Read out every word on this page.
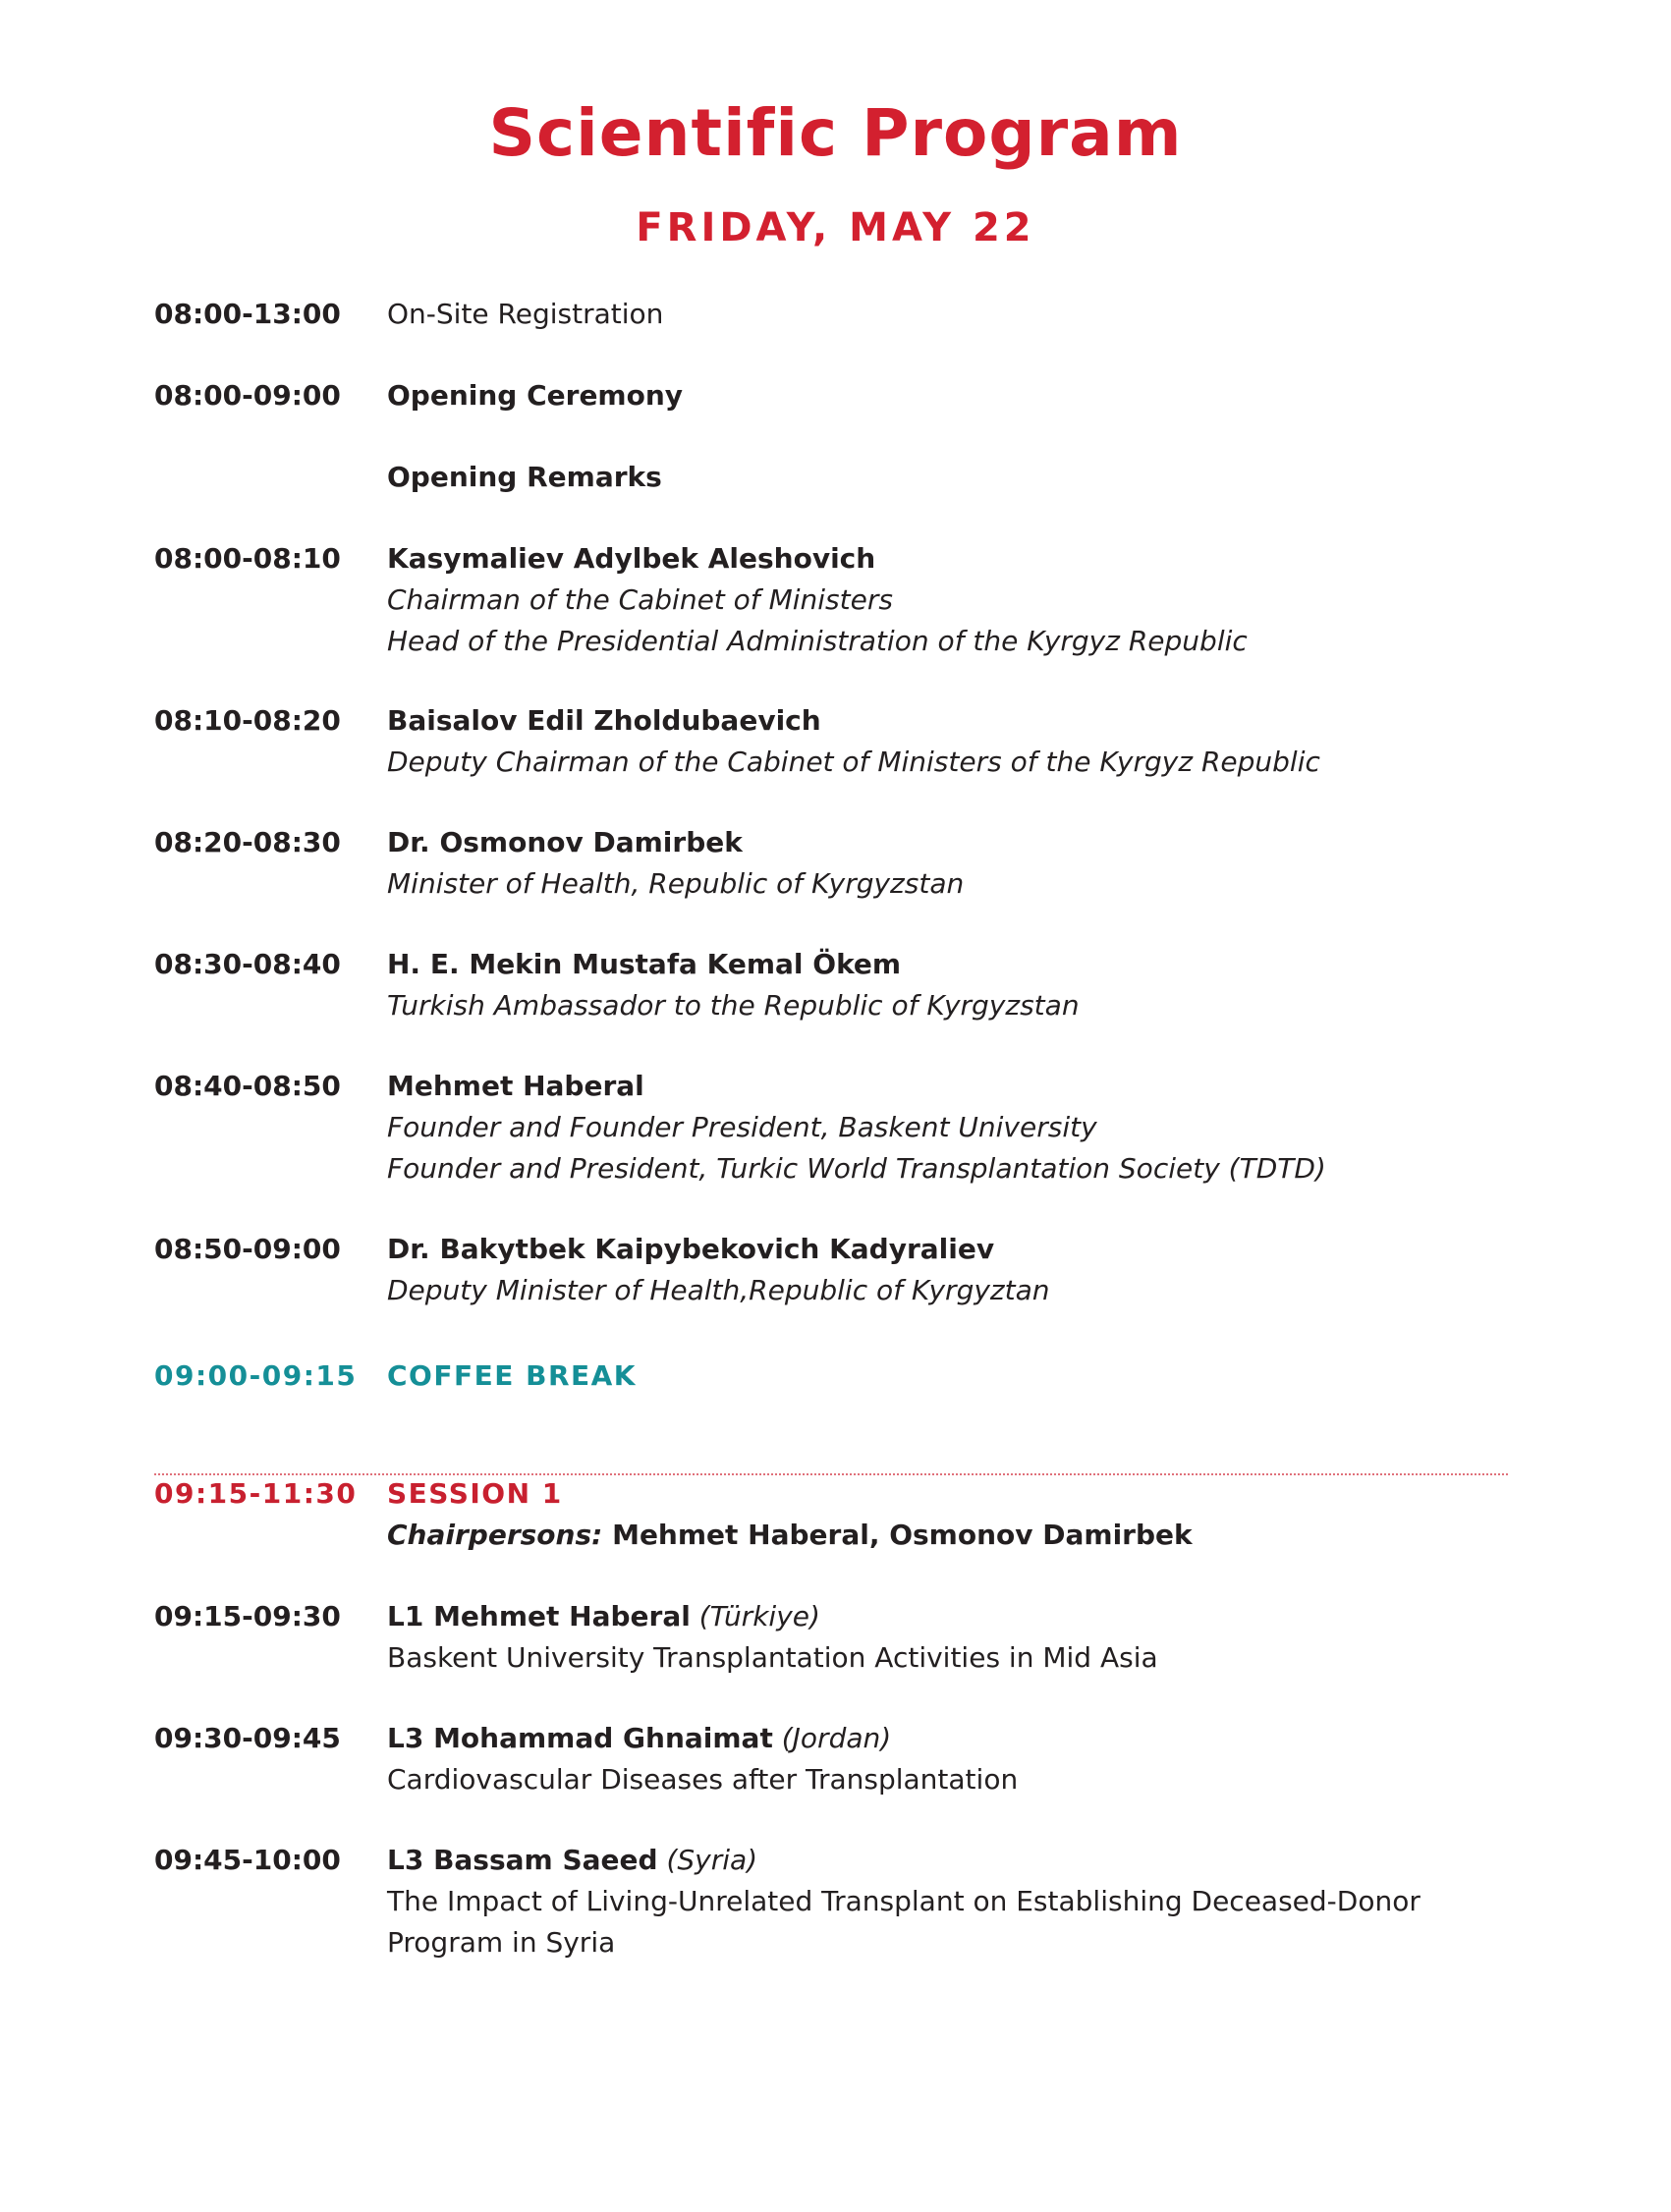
Scientific Program
FRIDAY, MAY 22
08:00-13:00 On-Site Registration
08:00-09:00 Opening Ceremony
Opening Remarks
08:00-08:10 Kasymaliev Adylbek Aleshovich
Chairman of the Cabinet of Ministers
Head of the Presidential Administration of the Kyrgyz Republic
08:10-08:20 Baisalov Edil Zholdubaevich
Deputy Chairman of the Cabinet of Ministers of the Kyrgyz Republic
08:20-08:30 Dr. Osmonov Damirbek
Minister of Health, Republic of Kyrgyzstan
08:30-08:40 H. E. Mekin Mustafa Kemal Ökem
Turkish Ambassador to the Republic of Kyrgyzstan
08:40-08:50 Mehmet Haberal
Founder and Founder President, Baskent University
Founder and President, Turkic World Transplantation Society (TDTD)
08:50-09:00 Dr. Bakytbek Kaipybekovich Kadyraliev
Deputy Minister of Health,Republic of Kyrgyztan
09:00-09:15 COFFEE BREAK
09:15-11:30 SESSION 1
Chairpersons: Mehmet Haberal, Osmonov Damirbek
09:15-09:30 L1 Mehmet Haberal (Türkiye)
Baskent University Transplantation Activities in Mid Asia
09:30-09:45 L3 Mohammad Ghnaimat (Jordan)
Cardiovascular Diseases after Transplantation
09:45-10:00 L3 Bassam Saeed (Syria)
The Impact of Living-Unrelated Transplant on Establishing Deceased-Donor Program in Syria
